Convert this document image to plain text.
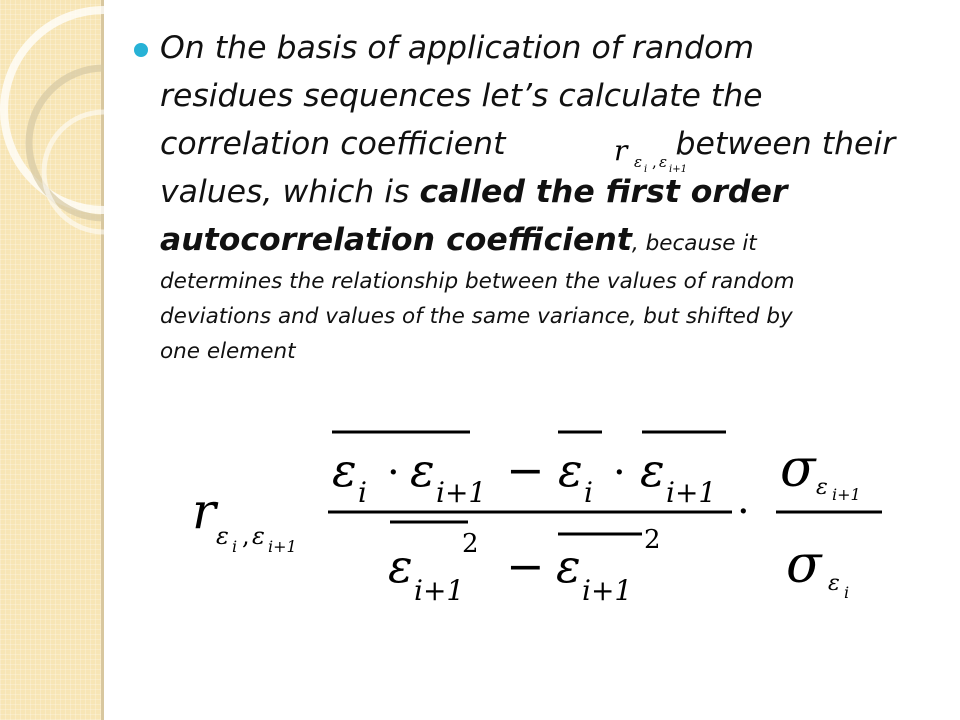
On the basis of application of random
residues sequences let’s calculate the
correlation coefficient	between their
values, which is called the first order
autocorrelation coefficient, because it
determines the relationship between the values of random
deviations and values of the same variance, but shifted by
one element

r ε i , ε i+1
r ε i , ε i+1
ε i · ε i+1 − ε i · ε i+1
ε i+1
2 − ε i+1
2
·
σ ε i+1
σ ε i
